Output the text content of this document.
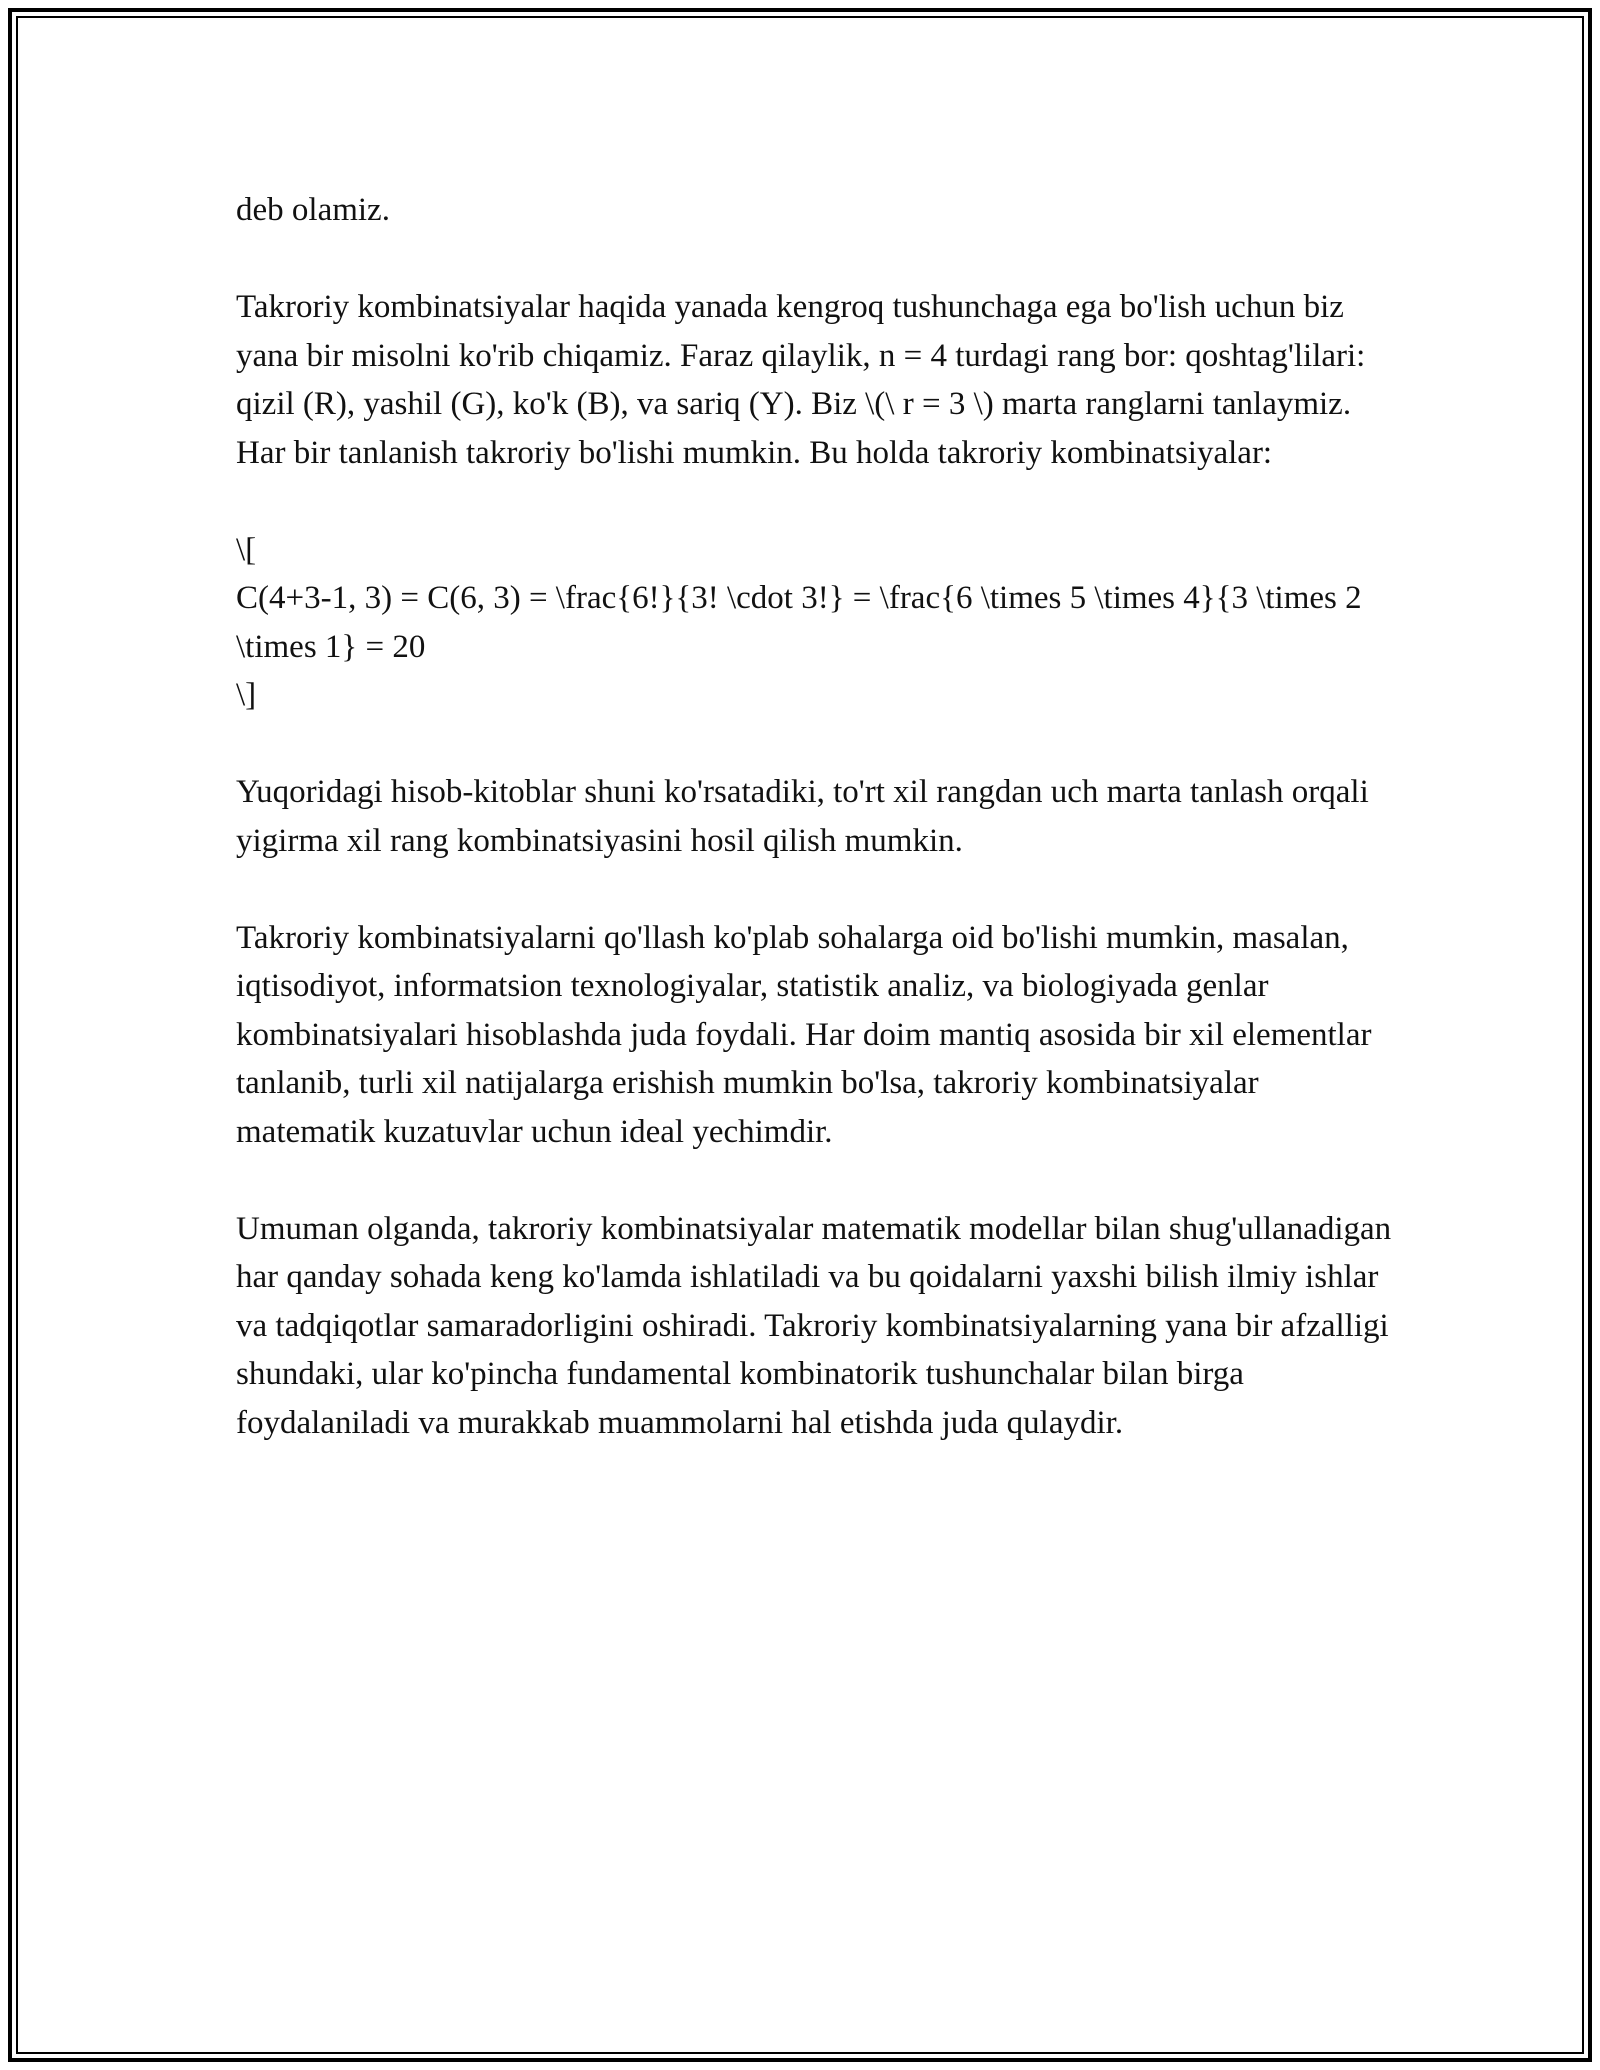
deb olamiz.

Takroriy kombinatsiyalar haqida yanada kengroq tushunchaga ega bo'lish uchun biz yana bir misolni ko'rib chiqamiz. Faraz qilaylik, n = 4 turdagi rang bor: qoshtag'lilari: qizil (R), yashil (G), ko'k (B), va sariq (Y). Biz \(\ r = 3 \) marta ranglarni tanlaymiz. Har bir tanlanish takroriy bo'lishi mumkin. Bu holda takroriy kombinatsiyalar:

\[
C(4+3-1, 3) = C(6, 3) = \frac{6!}{3! \cdot 3!} = \frac{6 \times 5 \times 4}{3 \times 2 \times 1} = 20
\]

Yuqoridagi hisob-kitoblar shuni ko'rsatadiki, to'rt xil rangdan uch marta tanlash orqali yigirma xil rang kombinatsiyasini hosil qilish mumkin.

Takroriy kombinatsiyalarni qo'llash ko'plab sohalarga oid bo'lishi mumkin, masalan, iqtisodiyot, informatsion texnologiyalar, statistik analiz, va biologiyada genlar kombinatsiyalari hisoblashda juda foydali. Har doim mantiq asosida bir xil elementlar tanlanib, turli xil natijalarga erishish mumkin bo'lsa, takroriy kombinatsiyalar matematik kuzatuvlar uchun ideal yechimdir.

Umuman olganda, takroriy kombinatsiyalar matematik modellar bilan shug'ullanadigan har qanday sohada keng ko'lamda ishlatiladi va bu qoidalarni yaxshi bilish ilmiy ishlar va tadqiqotlar samaradorligini oshiradi. Takroriy kombinatsiyalarning yana bir afzalligi shundaki, ular ko'pincha fundamental kombinatorik tushunchalar bilan birga foydalaniladi va murakkab muammolarni hal etishda juda qulaydir.
